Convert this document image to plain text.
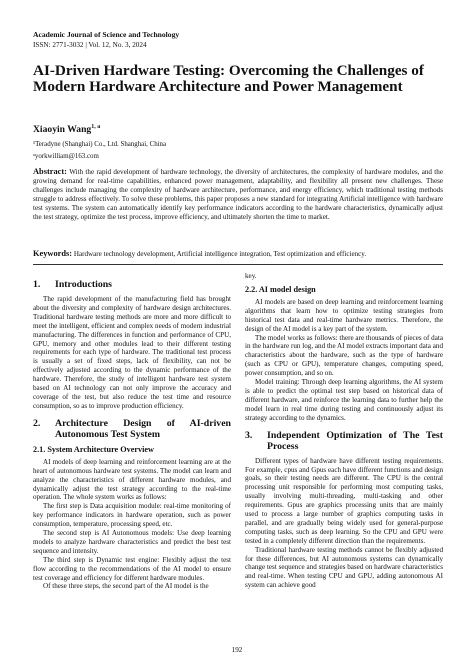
Academic Journal of Science and Technology
ISSN: 2771-3032 | Vol. 12, No. 3, 2024
AI-Driven Hardware Testing: Overcoming the Challenges of Modern Hardware Architecture and Power Management
Xiaoyin Wang$^{1, a}$
¹Teradyne (Shanghai) Co., Ltd. Shanghai, China
ᵃyorkwilliam@163.com

Abstract: With the rapid development of hardware technology, the diversity of architectures, the complexity of hardware modules, and the growing demand for real-time capabilities, enhanced power management, adaptability, and flexibility all present new challenges. These challenges include managing the complexity of hardware architecture, performance, and energy efficiency, which traditional testing methods struggle to address effectively. To solve these problems, this paper proposes a new standard for integrating Artificial intelligence with hardware test systems. The system can automatically identify key performance indicators according to the hardware characteristics, dynamically adjust the test strategy, optimize the test process, improve efficiency, and ultimately shorten the time to market.

Keywords: Hardware technology development, Artificial intelligence integration, Test optimization and efficiency.

1.	Introductions

The rapid development of the manufacturing field has brought about the diversity and complexity of hardware design architectures. Traditional hardware testing methods are more and more difficult to meet the intelligent, efficient and complex needs of modern industrial manufacturing. The differences in function and performance of CPU, GPU, memory and other modules lead to their different testing requirements for each type of hardware. The traditional test process is usually a set of fixed steps, lack of flexibility, can not be effectively adjusted according to the dynamic performance of the hardware. Therefore, the study of intelligent hardware test system based on AI technology can not only improve the accuracy and coverage of the test, but also reduce the test time and resource consumption, so as to improve production efficiency.

2.	Architecture Design of AI-driven Autonomous Test System
2.1. System Architecture Overview

AI models of deep learning and reinforcement learning are at the heart of autonomous hardware test systems. The model can learn and analyze the characteristics of different hardware modules, and dynamically adjust the test strategy according to the real-time operation. The whole system works as follows:

The first step is Data acquisition module: real-time monitoring of key performance indicators in hardware operation, such as power consumption, temperature, processing speed, etc.

The second step is AI Autonomous models: Use deep learning models to analyze hardware characteristics and predict the best test sequence and intensity.

The third step is Dynamic test engine: Flexibly adjust the test flow according to the recommendations of the AI model to ensure test coverage and efficiency for different hardware modules.

Of these three steps, the second part of the AI model is the

key.

2.2. AI model design

AI models are based on deep learning and reinforcement learning algorithms that learn how to optimize testing strategies from historical test data and real-time hardware metrics. Therefore, the design of the AI model is a key part of the system.

The model works as follows: there are thousands of pieces of data in the hardware run log, and the AI model extracts important data and characteristics about the hardware, such as the type of hardware (such as CPU or GPU), temperature changes, computing speed, power consumption, and so on.

Model training: Through deep learning algorithms, the AI system is able to predict the optimal test step based on historical data of different hardware, and reinforce the learning data to further help the model learn in real time during testing and continuously adjust its strategy according to the dynamics.

3.	Independent Optimization of The Test Process

Different types of hardware have different testing requirements. For example, cpus and Gpus each have different functions and design goals, so their testing needs are different. The CPU is the central processing unit responsible for performing most computing tasks, usually involving multi-threading, multi-tasking and other requirements. Gpus are graphics processing units that are mainly used to process a large number of graphics computing tasks in parallel, and are gradually being widely used for general-purpose computing tasks, such as deep learning. So the CPU and GPU were tested in a completely different direction than the requirements.

Traditional hardware testing methods cannot be flexibly adjusted for these differences, but AI autonomous systems can dynamically change test sequence and strategies based on hardware characteristics and real-time. When testing CPU and GPU, adding autonomous AI system can achieve good

192
